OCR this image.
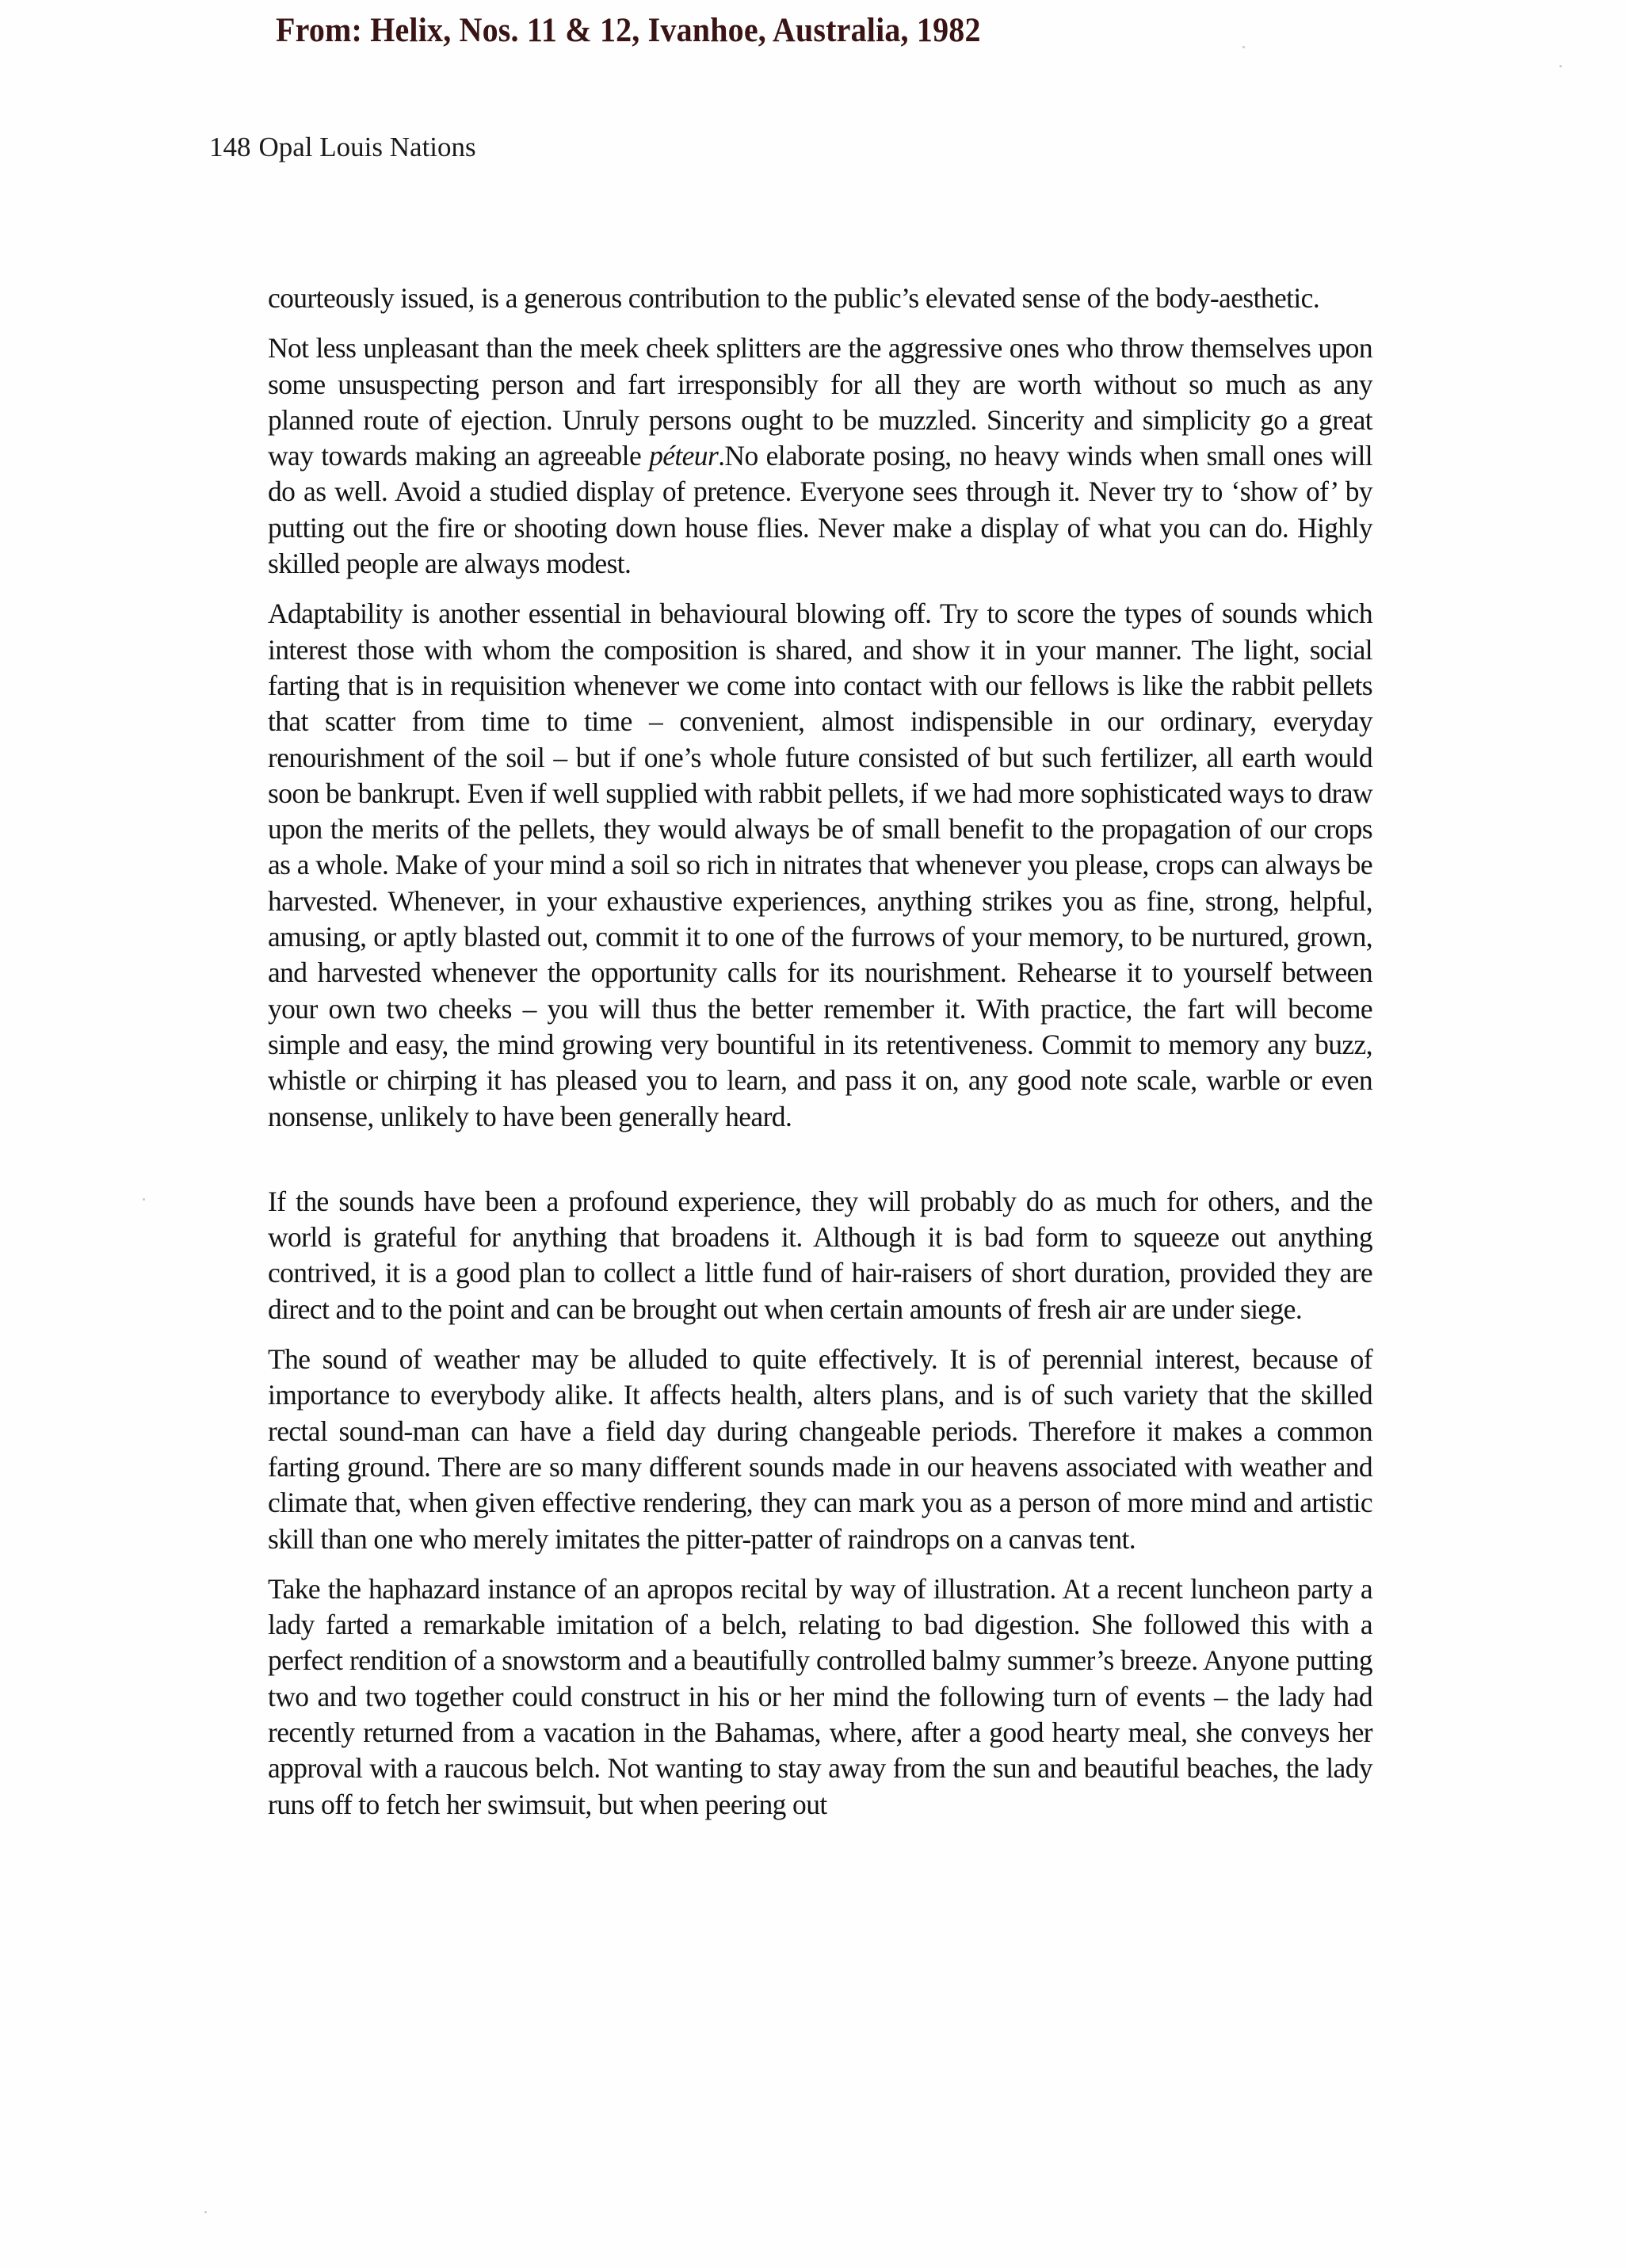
From: Helix, Nos. 11 & 12, Ivanhoe, Australia, 1982
148 Opal Louis Nations

courteously issued, is a generous contribution to the public’s elevated sense of the body-aesthetic.

Not less unpleasant than the meek cheek splitters are the aggressive ones who throw themselves upon some unsuspecting person and fart irresponsibly for all they are worth without so much as any planned route of ejection. Unruly persons ought to be muzzled. Sincerity and simplicity go a great way towards making an agreeable péteur.No elaborate posing, no heavy winds when small ones will do as well. Avoid a studied display of pretence. Everyone sees through it. Never try to ‘show of’ by putting out the fire or shooting down house flies. Never make a display of what you can do. Highly skilled people are always modest.

Adaptability is another essential in behavioural blowing off. Try to score the types of sounds which interest those with whom the composition is shared, and show it in your manner. The light, social farting that is in requisition whenever we come into contact with our fellows is like the rabbit pellets that scatter from time to time – convenient, almost indispensible in our ordinary, everyday renourishment of the soil – but if one’s whole future consisted of but such fertilizer, all earth would soon be bankrupt. Even if well supplied with rabbit pellets, if we had more sophisticated ways to draw upon the merits of the pellets, they would always be of small benefit to the propagation of our crops as a whole. Make of your mind a soil so rich in nitrates that whenever you please, crops can always be harvested. Whenever, in your exhaustive experiences, anything strikes you as fine, strong, helpful, amusing, or aptly blasted out, commit it to one of the furrows of your memory, to be nurtured, grown, and harvested whenever the opportunity calls for its nourishment. Rehearse it to yourself between your own two cheeks – you will thus the better remember it. With practice, the fart will become simple and easy, the mind growing very bountiful in its retentiveness. Commit to memory any buzz, whistle or chirping it has pleased you to learn, and pass it on, any good note scale, warble or even nonsense, unlikely to have been generally heard.

If the sounds have been a profound experience, they will probably do as much for others, and the world is grateful for anything that broadens it. Although it is bad form to squeeze out anything contrived, it is a good plan to collect a little fund of hair-raisers of short duration, provided they are direct and to the point and can be brought out when certain amounts of fresh air are under siege.

The sound of weather may be alluded to quite effectively. It is of perennial interest, because of importance to everybody alike. It affects health, alters plans, and is of such variety that the skilled rectal sound-man can have a field day during changeable periods. Therefore it makes a common farting ground. There are so many different sounds made in our heavens associated with weather and climate that, when given effective rendering, they can mark you as a person of more mind and artistic skill than one who merely imitates the pitter-patter of raindrops on a canvas tent.

Take the haphazard instance of an apropos recital by way of illustration. At a recent luncheon party a lady farted a remarkable imitation of a belch, relating to bad digestion. She followed this with a perfect rendition of a snowstorm and a beautifully controlled balmy summer’s breeze. Anyone putting two and two together could construct in his or her mind the following turn of events – the lady had recently returned from a vacation in the Bahamas, where, after a good hearty meal, she conveys her approval with a raucous belch. Not wanting to stay away from the sun and beautiful beaches, the lady runs off to fetch her swimsuit, but when peering out
